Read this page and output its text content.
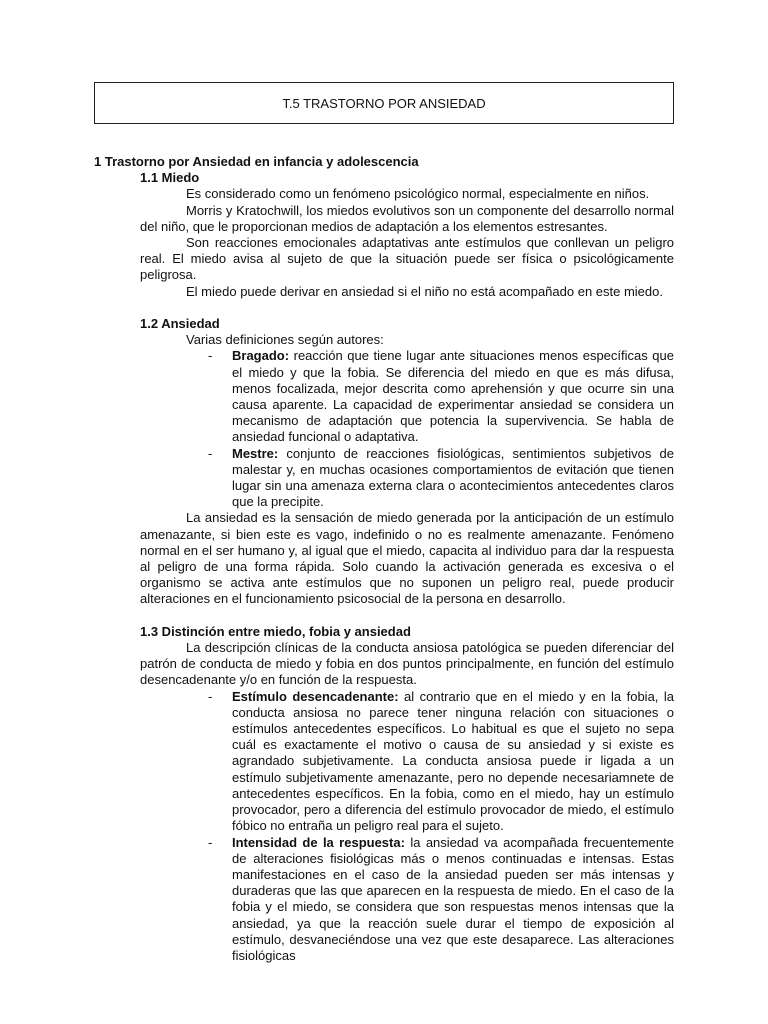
T.5 TRASTORNO POR ANSIEDAD
1 Trastorno por Ansiedad en infancia y adolescencia
1.1 Miedo
Es considerado como un fenómeno psicológico normal, especialmente en niños.
Morris y Kratochwill, los miedos evolutivos son un componente del desarrollo normal del niño, que le proporcionan medios de adaptación a los elementos estresantes.
Son reacciones emocionales adaptativas ante estímulos que conllevan un peligro real. El miedo avisa al sujeto de que la situación puede ser física o psicológicamente peligrosa.
El miedo puede derivar en ansiedad si el niño no está acompañado en este miedo.
1.2 Ansiedad
Varias definiciones según autores:
- Bragado: reacción que tiene lugar ante situaciones menos específicas que el miedo y que la fobia. Se diferencia del miedo en que es más difusa, menos focalizada, mejor descrita como aprehensión y que ocurre sin una causa aparente. La capacidad de experimentar ansiedad se considera un mecanismo de adaptación que potencia la supervivencia. Se habla de ansiedad funcional o adaptativa.
- Mestre: conjunto de reacciones fisiológicas, sentimientos subjetivos de malestar y, en muchas ocasiones comportamientos de evitación que tienen lugar sin una amenaza externa clara o acontecimientos antecedentes claros que la precipite.
La ansiedad es la sensación de miedo generada por la anticipación de un estímulo amenazante, si bien este es vago, indefinido o no es realmente amenazante. Fenómeno normal en el ser humano y, al igual que el miedo, capacita al individuo para dar la respuesta al peligro de una forma rápida. Solo cuando la activación generada es excesiva o el organismo se activa ante estímulos que no suponen un peligro real, puede producir alteraciones en el funcionamiento psicosocial de la persona en desarrollo.
1.3 Distinción entre miedo, fobia y ansiedad
La descripción clínicas de la conducta ansiosa patológica se pueden diferenciar del patrón de conducta de miedo y fobia en dos puntos principalmente, en función del estímulo desencadenante y/o en función de la respuesta.
- Estímulo desencadenante: al contrario que en el miedo y en la fobia, la conducta ansiosa no parece tener ninguna relación con situaciones o estímulos antecedentes específicos. Lo habitual es que el sujeto no sepa cuál es exactamente el motivo o causa de su ansiedad y si existe es agrandado subjetivamente. La conducta ansiosa puede ir ligada a un estímulo subjetivamente amenazante, pero no depende necesariamnete de antecedentes específicos. En la fobia, como en el miedo, hay un estímulo provocador, pero a diferencia del estímulo provocador de miedo, el estímulo fóbico no entraña un peligro real para el sujeto.
- Intensidad de la respuesta: la ansiedad va acompañada frecuentemente de alteraciones fisiológicas más o menos continuadas e intensas. Estas manifestaciones en el caso de la ansiedad pueden ser más intensas y duraderas que las que aparecen en la respuesta de miedo. En el caso de la fobia y el miedo, se considera que son respuestas menos intensas que la ansiedad, ya que la reacción suele durar el tiempo de exposición al estímulo, desvaneciéndose una vez que este desaparece. Las alteraciones fisiológicas
